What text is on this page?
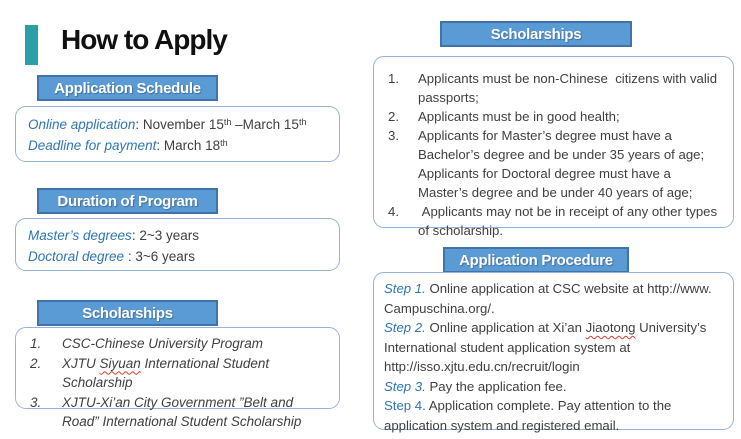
How to Apply
Application Schedule
Online application: November 15th –March 15th
Deadline for payment: March 18th
Duration of Program
Master’s degrees: 2~3 years
Doctoral degree : 3~6 years
Scholarships
1.	CSC-Chinese University Program
2.	XJTU Siyuan International Student Scholarship
3.	XJTU-Xi’an City Government ”Belt and Road” International Student Scholarship
Scholarships
1.	Applicants must be non-Chinese  citizens with valid passports;
2.	Applicants must be in good health;
3.	Applicants for Master’s degree must have a Bachelor’s degree and be under 35 years of age; Applicants for Doctoral degree must have a Master’s degree and be under 40 years of age;
4.	Applicants may not be in receipt of any other types of scholarship.
Application Procedure
Step 1. Online application at CSC website at http://www. Campuschina.org/.
Step 2. Online application at Xi’an Jiaotong University’s International student application system at http://isso.xjtu.edu.cn/recruit/login
Step 3. Pay the application fee.
Step 4. Application complete. Pay attention to the application system and registered email.
